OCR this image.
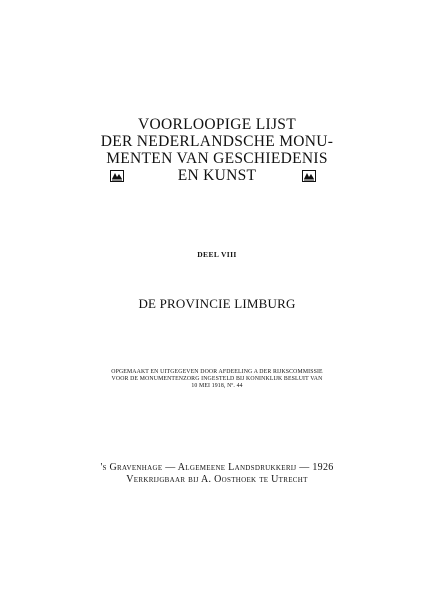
VOORLOOPIGE LIJST
DER NEDERLANDSCHE MONU-
MENTEN VAN GESCHIEDENIS
EN KUNST
DEEL VIII
DE PROVINCIE LIMBURG
OPGEMAAKT EN UITGEGEVEN DOOR AFDEELING A DER RIJKSCOMMISSIE
VOOR DE MONUMENTENZORG INGESTELD BIJ KONINKLIJK BESLUIT VAN
10 MEI 1918, Nº. 44
's Gravenhage — Algemeene Landsdrukkerij — 1926
Verkrijgbaar bij A. Oosthoek te Utrecht
